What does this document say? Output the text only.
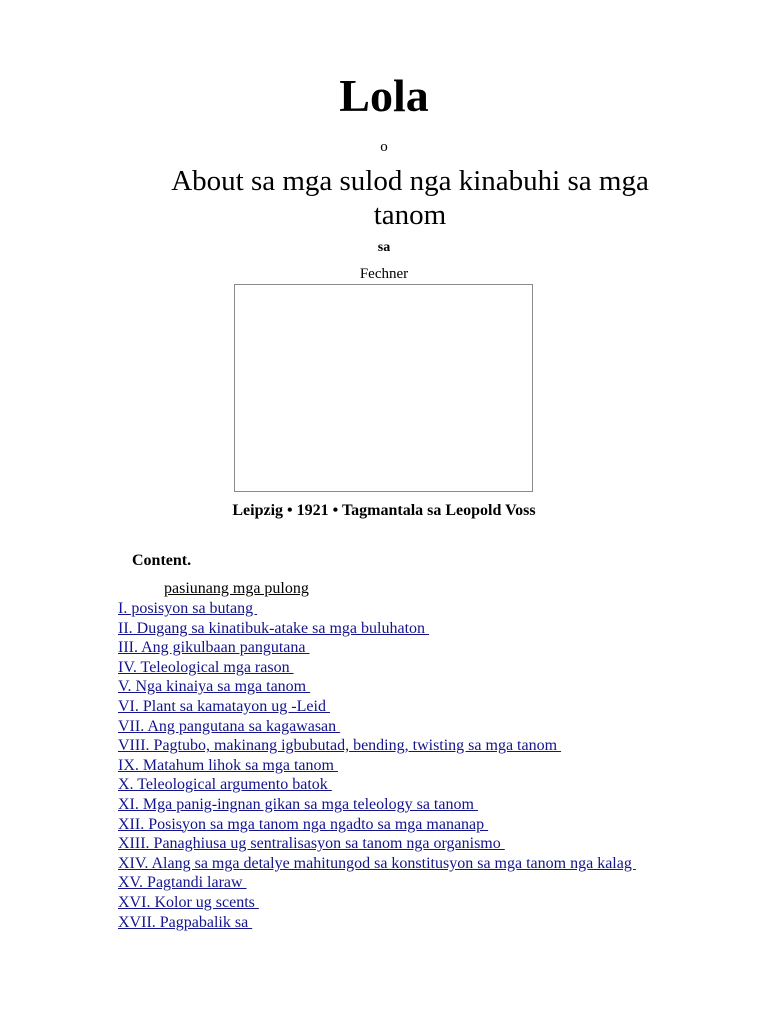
Lola
o
About sa mga sulod nga kinabuhi sa mga tanom
sa
Fechner
Leipzig • 1921 • Tagmantala sa Leopold Voss
Content.
pasiunang mga pulong
I. posisyon sa butang
II. Dugang sa kinatibuk-atake sa mga buluhaton
III. Ang gikulbaan pangutana
IV. Teleological mga rason
V. Nga kinaiya sa mga tanom
VI. Plant sa kamatayon ug -Leid
VII. Ang pangutana sa kagawasan
VIII. Pagtubo, makinang igbubutad, bending, twisting sa mga tanom
IX. Matahum lihok sa mga tanom
X. Teleological argumento batok
XI. Mga panig-ingnan gikan sa mga teleology sa tanom
XII. Posisyon sa mga tanom nga ngadto sa mga mananap
XIII. Panaghiusa ug sentralisasyon sa tanom nga organismo
XIV. Alang sa mga detalye mahitungod sa konstitusyon sa mga tanom nga kalag
XV. Pagtandi laraw
XVI. Kolor ug scents
XVII. Pagpabalik sa
